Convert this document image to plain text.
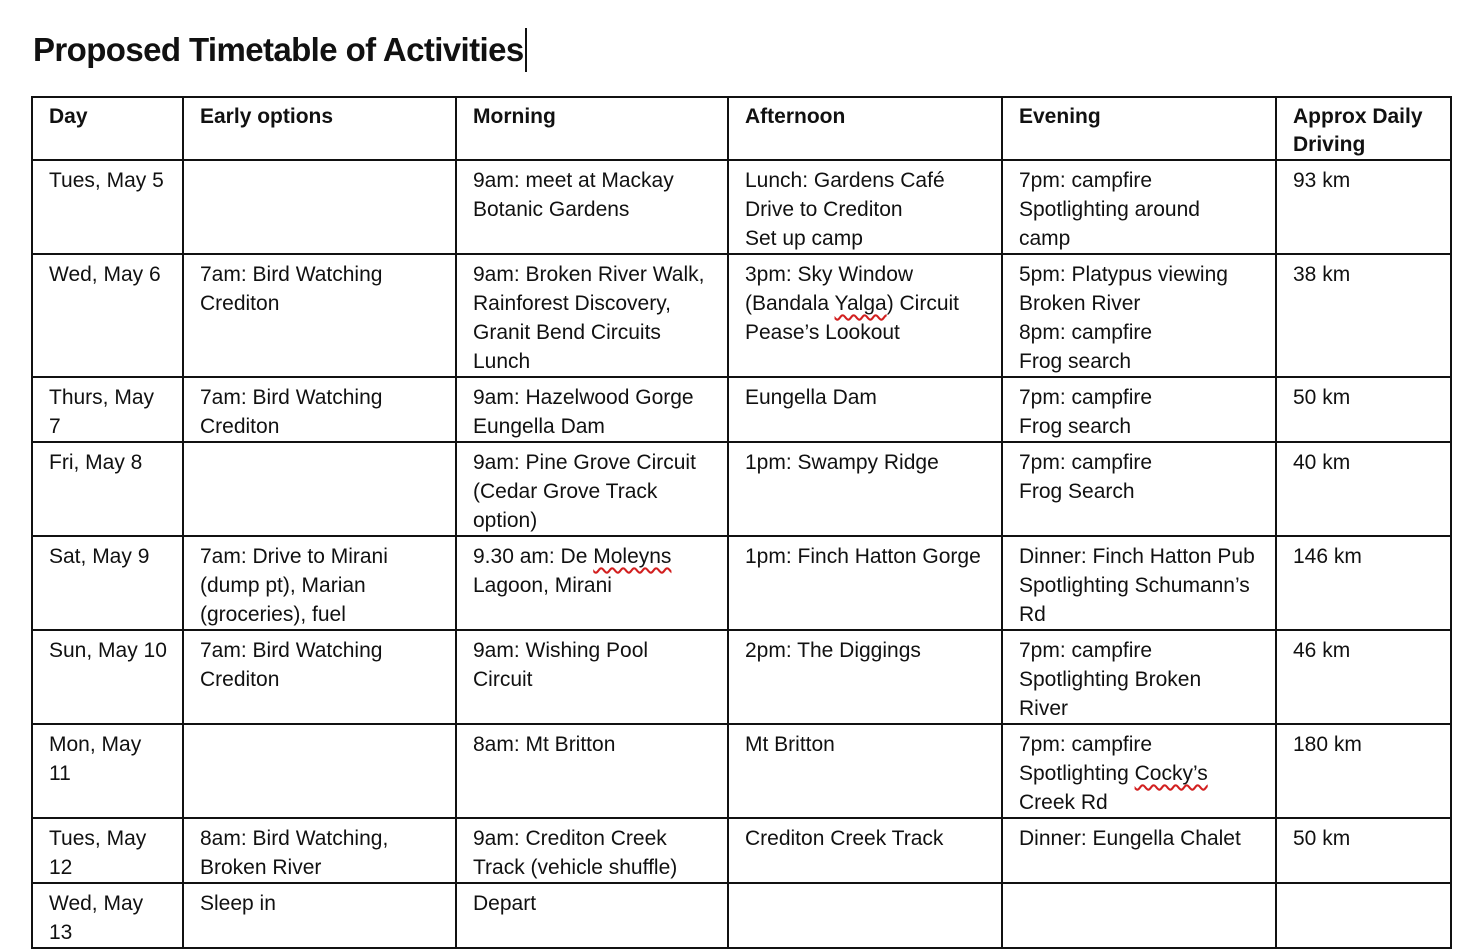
Proposed Timetable of Activities
Day	Early options	Morning	Afternoon	Evening	Approx Daily Driving

Tues, May 5		9am: meet at Mackay
Botanic Gardens	Lunch: Gardens Café
Drive to Crediton
Set up camp	7pm: campfire
Spotlighting around
camp	93 km

Wed, May 6	7am: Bird Watching
Crediton	9am: Broken River Walk,
Rainforest Discovery,
Granit Bend Circuits
Lunch	3pm: Sky Window
(Bandala Yalga) Circuit
Pease’s Lookout	5pm: Platypus viewing
Broken River
8pm: campfire
Frog search	38 km

Thurs, May
7	7am: Bird Watching
Crediton	9am: Hazelwood Gorge
Eungella Dam	Eungella Dam	7pm: campfire
Frog search	50 km

Fri, May 8		9am: Pine Grove Circuit
(Cedar Grove Track
option)	1pm: Swampy Ridge	7pm: campfire
Frog Search	40 km

Sat, May 9	7am: Drive to Mirani
(dump pt), Marian
(groceries), fuel	9.30 am: De Moleyns
Lagoon, Mirani	1pm: Finch Hatton Gorge	Dinner: Finch Hatton Pub
Spotlighting Schumann’s
Rd	146 km

Sun, May 10	7am: Bird Watching
Crediton	9am: Wishing Pool
Circuit	2pm: The Diggings	7pm: campfire
Spotlighting Broken
River	46 km

Mon, May
11		8am: Mt Britton	Mt Britton	7pm: campfire
Spotlighting Cocky’s
Creek Rd	180 km

Tues, May
12	8am: Bird Watching,
Broken River	9am: Crediton Creek
Track (vehicle shuffle)	Crediton Creek Track	Dinner: Eungella Chalet	50 km

Wed, May
13	Sleep in	Depart			
